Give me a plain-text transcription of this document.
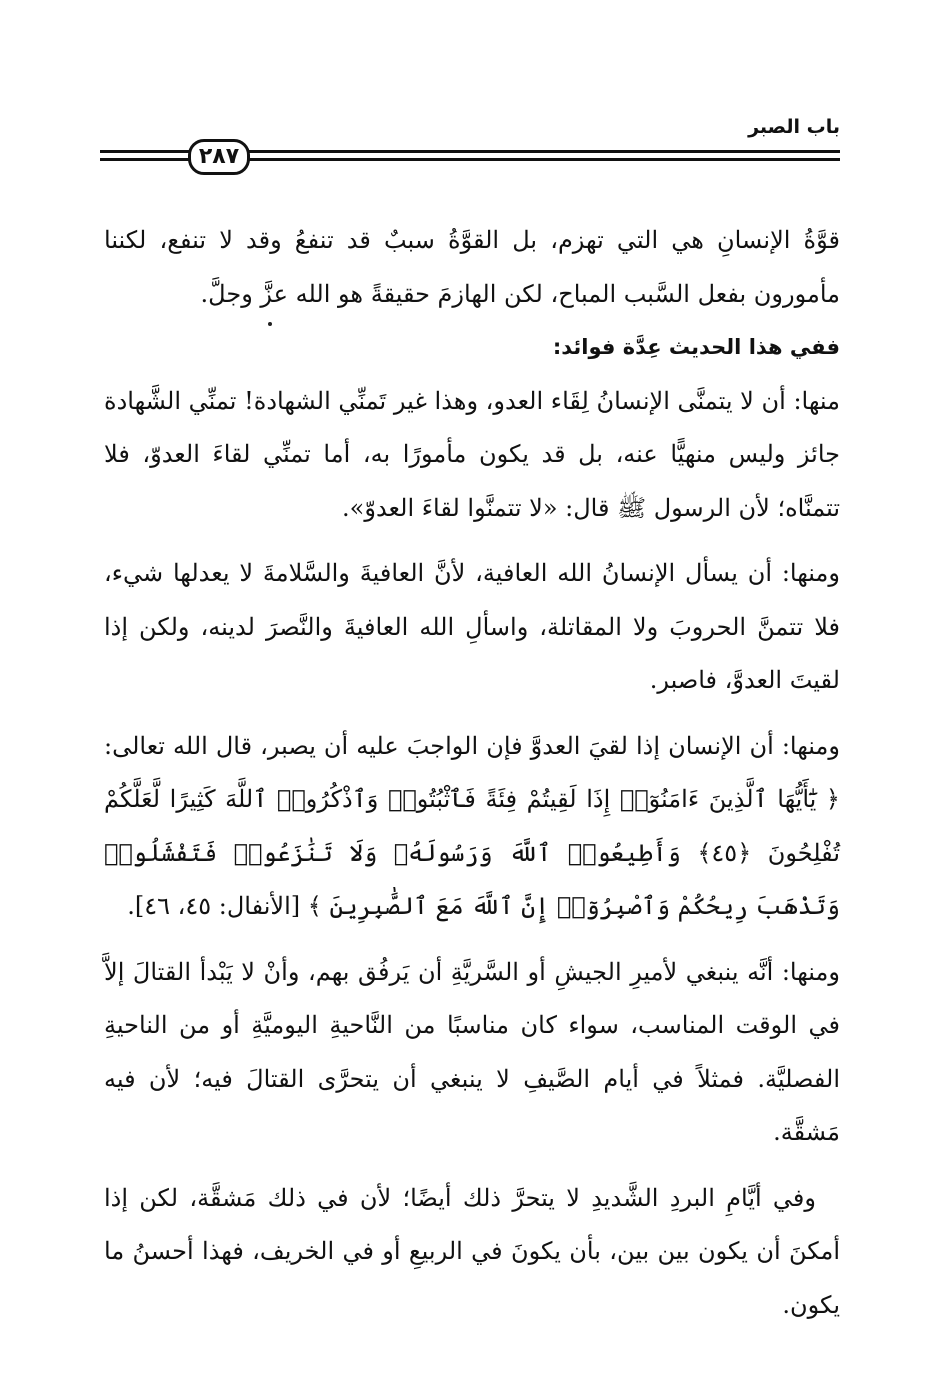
باب الصبر
٢٨٧

قوَّةُ الإنسانِ هي التي تهزم، بل القوَّةُ سببٌ قد تنفعُ وقد لا تنفع، لكننا مأمورون بفعل السَّبب المباح، لكن الهازمَ حقيقةً هو الله عزَّ وجلَّ.

ففي هذا الحديث عِدَّة فوائد:

منها: أن لا يتمنَّى الإنسانُ لِقَاء العدو، وهذا غير تَمنِّي الشهادة! تمنِّي الشَّهادة جائز وليس منهيًّا عنه، بل قد يكون مأمورًا به، أما تمنِّي لقاءَ العدوّ، فلا تتمنَّاه؛ لأن الرسول ﷺ قال: «لا تتمنَّوا لقاءَ العدوّ».

ومنها: أن يسأل الإنسانُ الله العافية، لأنَّ العافيةَ والسَّلامةَ لا يعدلها شيء، فلا تتمنَّ الحروبَ ولا المقاتلة، واسألِ الله العافيةَ والنَّصرَ لدينه، ولكن إذا لقيتَ العدوَّ، فاصبر.

ومنها: أن الإنسان إذا لقيَ العدوَّ فإن الواجبَ عليه أن يصبر، قال الله تعالى: ﴿ يَٰٓأَيُّهَا ٱلَّذِينَ ءَامَنُوٓا۟ إِذَا لَقِيتُمْ فِئَةً فَٱثْبُتُوا۟ وَٱذْكُرُوا۟ ٱللَّهَ كَثِيرًا لَّعَلَّكُمْ تُفْلِحُونَ ﴿٤٥﴾ وَأَطِيعُوا۟ ٱللَّهَ وَرَسُولَهُۥ وَلَا تَنَٰزَعُوا۟ فَتَفْشَلُوا۟ وَتَذْهَبَ رِيحُكُمْ وَٱصْبِرُوٓا۟ إِنَّ ٱللَّهَ مَعَ ٱلصَّٰبِرِينَ ﴾ [الأنفال: ٤٥، ٤٦].

ومنها: أنَّه ينبغي لأميرِ الجيشِ أو السَّريَّةِ أن يَرفُق بهم، وأنْ لا يَبْدأ القتالَ إلاَّ في الوقت المناسب، سواء كان مناسبًا من النَّاحيةِ اليوميَّةِ أو من الناحيةِ الفصليَّة. فمثلاً في أيام الصَّيفِ لا ينبغي أن يتحرَّى القتالَ فيه؛ لأن فيه مَشقَّة.

وفي أيَّامِ البردِ الشَّديدِ لا يتحرَّ ذلك أيضًا؛ لأن في ذلك مَشقَّة، لكن إذا أمكنَ أن يكون بين بين، بأن يكونَ في الربيعِ أو في الخريف، فهذا أحسنُ ما يكون.
